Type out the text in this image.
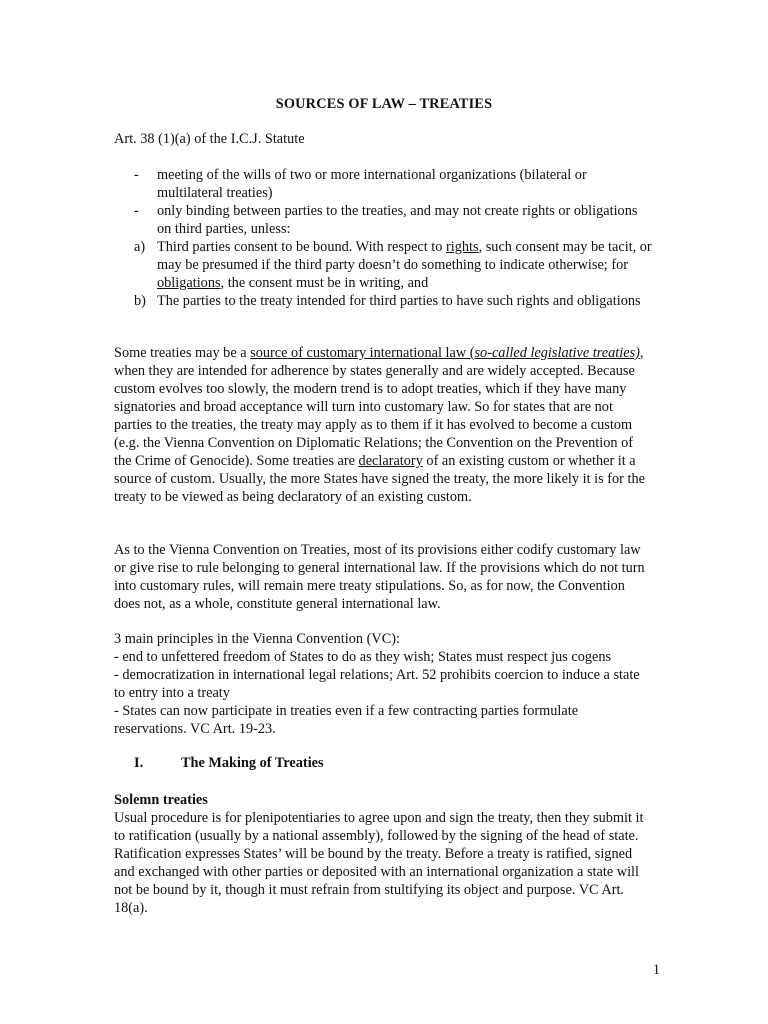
SOURCES OF LAW – TREATIES
Art. 38 (1)(a) of the I.C.J. Statute
-	meeting of the wills of two or more international organizations (bilateral or multilateral treaties)
-	only binding between parties to the treaties, and may not create rights or obligations on third parties, unless:
a) Third parties consent to be bound. With respect to rights, such consent may be tacit, or may be presumed if the third party doesn’t do something to indicate otherwise; for obligations, the consent must be in writing, and
b) The parties to the treaty intended for third parties to have such rights and obligations
Some treaties may be a source of customary international law (so-called legislative treaties), when they are intended for adherence by states generally and are widely accepted. Because custom evolves too slowly, the modern trend is to adopt treaties, which if they have many signatories and broad acceptance will turn into customary law. So for states that are not parties to the treaties, the treaty may apply as to them if it has evolved to become a custom (e.g. the Vienna Convention on Diplomatic Relations; the Convention on the Prevention of the Crime of Genocide). Some treaties are declaratory of an existing custom or whether it a source of custom. Usually, the more States have signed the treaty, the more likely it is for the treaty to be viewed as being declaratory of an existing custom.
As to the Vienna Convention on Treaties, most of its provisions either codify customary law or give rise to rule belonging to general international law. If the provisions which do not turn into customary rules, will remain mere treaty stipulations. So, as for now, the Convention does not, as a whole, constitute general international law.
3 main principles in the Vienna Convention (VC):
- end to unfettered freedom of States to do as they wish; States must respect jus cogens
- democratization in international legal relations; Art. 52 prohibits coercion to induce a state to entry into a treaty
- States can now participate in treaties even if a few contracting parties formulate reservations. VC Art. 19-23.
I.	The Making of Treaties
Solemn treaties
Usual procedure is for plenipotentiaries to agree upon and sign the treaty, then they submit it to ratification (usually by a national assembly), followed by the signing of the head of state. Ratification expresses States’ will be bound by the treaty. Before a treaty is ratified, signed and exchanged with other parties or deposited with an international organization a state will not be bound by it, though it must refrain from stultifying its object and purpose. VC Art. 18(a).
1
